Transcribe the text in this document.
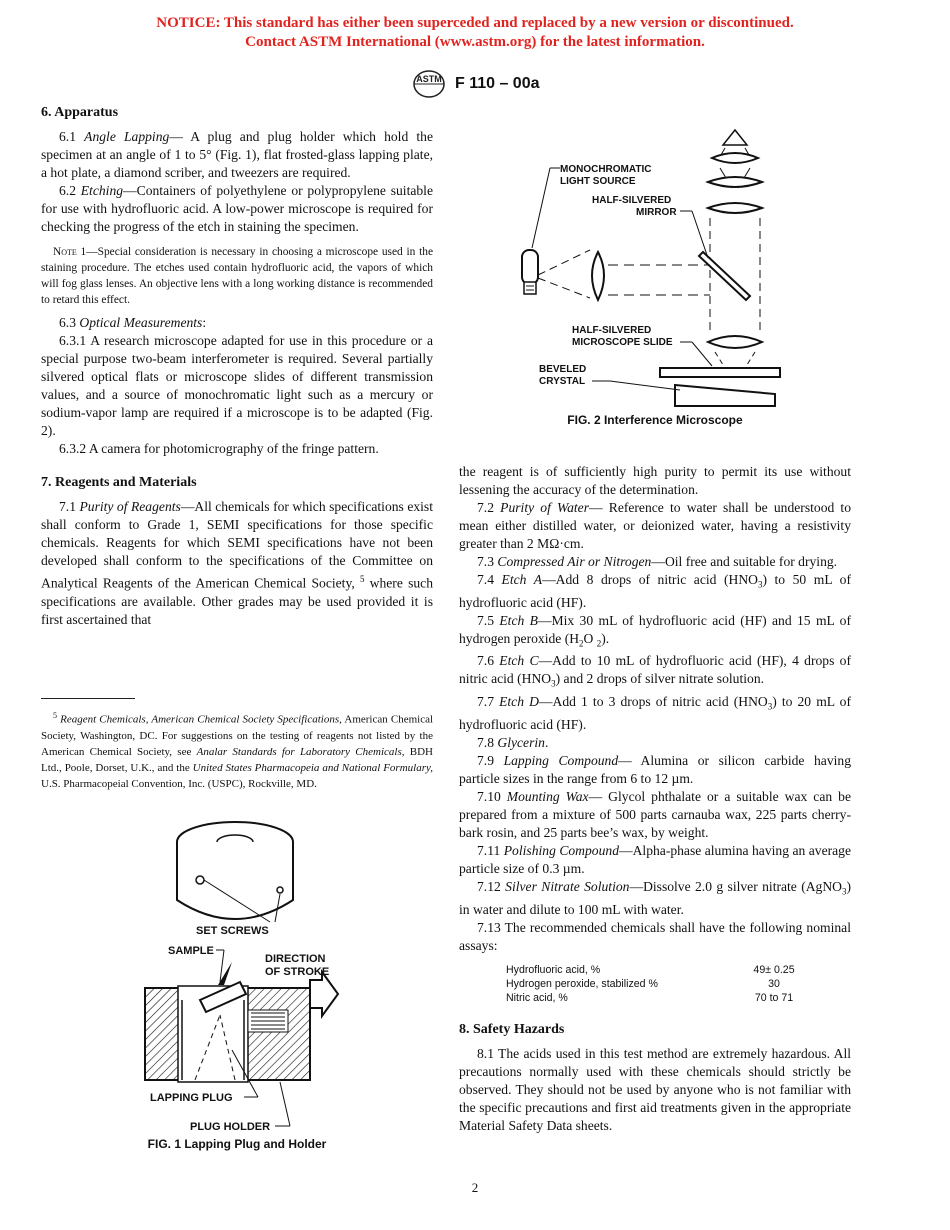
NOTICE: This standard has either been superceded and replaced by a new version or discontinued.
Contact ASTM International (www.astm.org) for the latest information.
ASTM F 110 – 00a
6. Apparatus

6.1 Angle Lapping— A plug and plug holder which hold the specimen at an angle of 1 to 5° (Fig. 1), flat frosted-glass lapping plate, a hot plate, a diamond scriber, and tweezers are required.

6.2 Etching—Containers of polyethylene or polypropylene suitable for use with hydrofluoric acid. A low-power microscope is required for checking the progress of the etch in staining the specimen.

Note 1—Special consideration is necessary in choosing a microscope used in the staining procedure. The etches used contain hydrofluoric acid, the vapors of which will fog glass lenses. An objective lens with a long working distance is recommended to retard this effect.

6.3 Optical Measurements:

6.3.1 A research microscope adapted for use in this procedure or a special purpose two-beam interferometer is required. Several partially silvered optical flats or microscope slides of different transmission values, and a source of monochromatic light such as a mercury or sodium-vapor lamp are required if a microscope is to be adapted (Fig. 2).

6.3.2 A camera for photomicrography of the fringe pattern.

7. Reagents and Materials

7.1 Purity of Reagents—All chemicals for which specifications exist shall conform to Grade 1, SEMI specifications for those specific chemicals. Reagents for which SEMI specifications have not been developed shall conform to the specifications of the Committee on Analytical Reagents of the American Chemical Society, $^5$ where such specifications are available. Other grades may be used provided it is first ascertained that

$^5$ Reagent Chemicals, American Chemical Society Specifications, American Chemical Society, Washington, DC. For suggestions on the testing of reagents not listed by the American Chemical Society, see Analar Standards for Laboratory Chemicals, BDH Ltd., Poole, Dorset, U.K., and the United States Pharmacopeia and National Formulary, U.S. Pharmacopeial Convention, Inc. (USPC), Rockville, MD.
SET SCREWS
SAMPLE
DIRECTION
OF STROKE
LAPPING PLUG
PLUG HOLDER
FIG. 1 Lapping Plug and Holder
MONOCHROMATIC
LIGHT SOURCE
HALF-SILVERED
MIRROR
HALF-SILVERED
MICROSCOPE SLIDE
BEVELED
CRYSTAL
FIG. 2 Interference Microscope

the reagent is of sufficiently high purity to permit its use without lessening the accuracy of the determination.

7.2 Purity of Water— Reference to water shall be understood to mean either distilled water, or deionized water, having a resistivity greater than 2 MΩ·cm.

7.3 Compressed Air or Nitrogen—Oil free and suitable for drying.

7.4 Etch A—Add 8 drops of nitric acid $(HNO_3)$ to 50 mL of hydrofluoric acid (HF).

7.5 Etch B—Mix 30 mL of hydrofluoric acid (HF) and 15 mL of hydrogen peroxide ($H_2O$ $_2$).

7.6 Etch C—Add to 10 mL of hydrofluoric acid (HF), 4 drops of nitric acid $(HNO_3)$ and 2 drops of silver nitrate solution.

7.7 Etch D—Add 1 to 3 drops of nitric acid $(HNO_3)$ to 20 mL of hydrofluoric acid (HF).

7.8 Glycerin.

7.9 Lapping Compound— Alumina or silicon carbide having particle sizes in the range from 6 to 12 µm.

7.10 Mounting Wax— Glycol phthalate or a suitable wax can be prepared from a mixture of 500 parts carnauba wax, 225 parts cherry-bark rosin, and 25 parts bee’s wax, by weight.

7.11 Polishing Compound—Alpha-phase alumina having an average particle size of 0.3 µm.

7.12 Silver Nitrate Solution—Dissolve 2.0 g silver nitrate (AgNO$_3$) in water and dilute to 100 mL with water.

7.13 The recommended chemicals shall have the following nominal assays:

Hydrofluoric acid, %	49± 0.25
Hydrogen peroxide, stabilized %	30
Nitric acid, %	70 to 71
8. Safety Hazards

8.1 The acids used in this test method are extremely hazardous. All precautions normally used with these chemicals should strictly be observed. They should not be used by anyone who is not familiar with the specific precautions and first aid treatments given in the appropriate Material Safety Data sheets.

2
